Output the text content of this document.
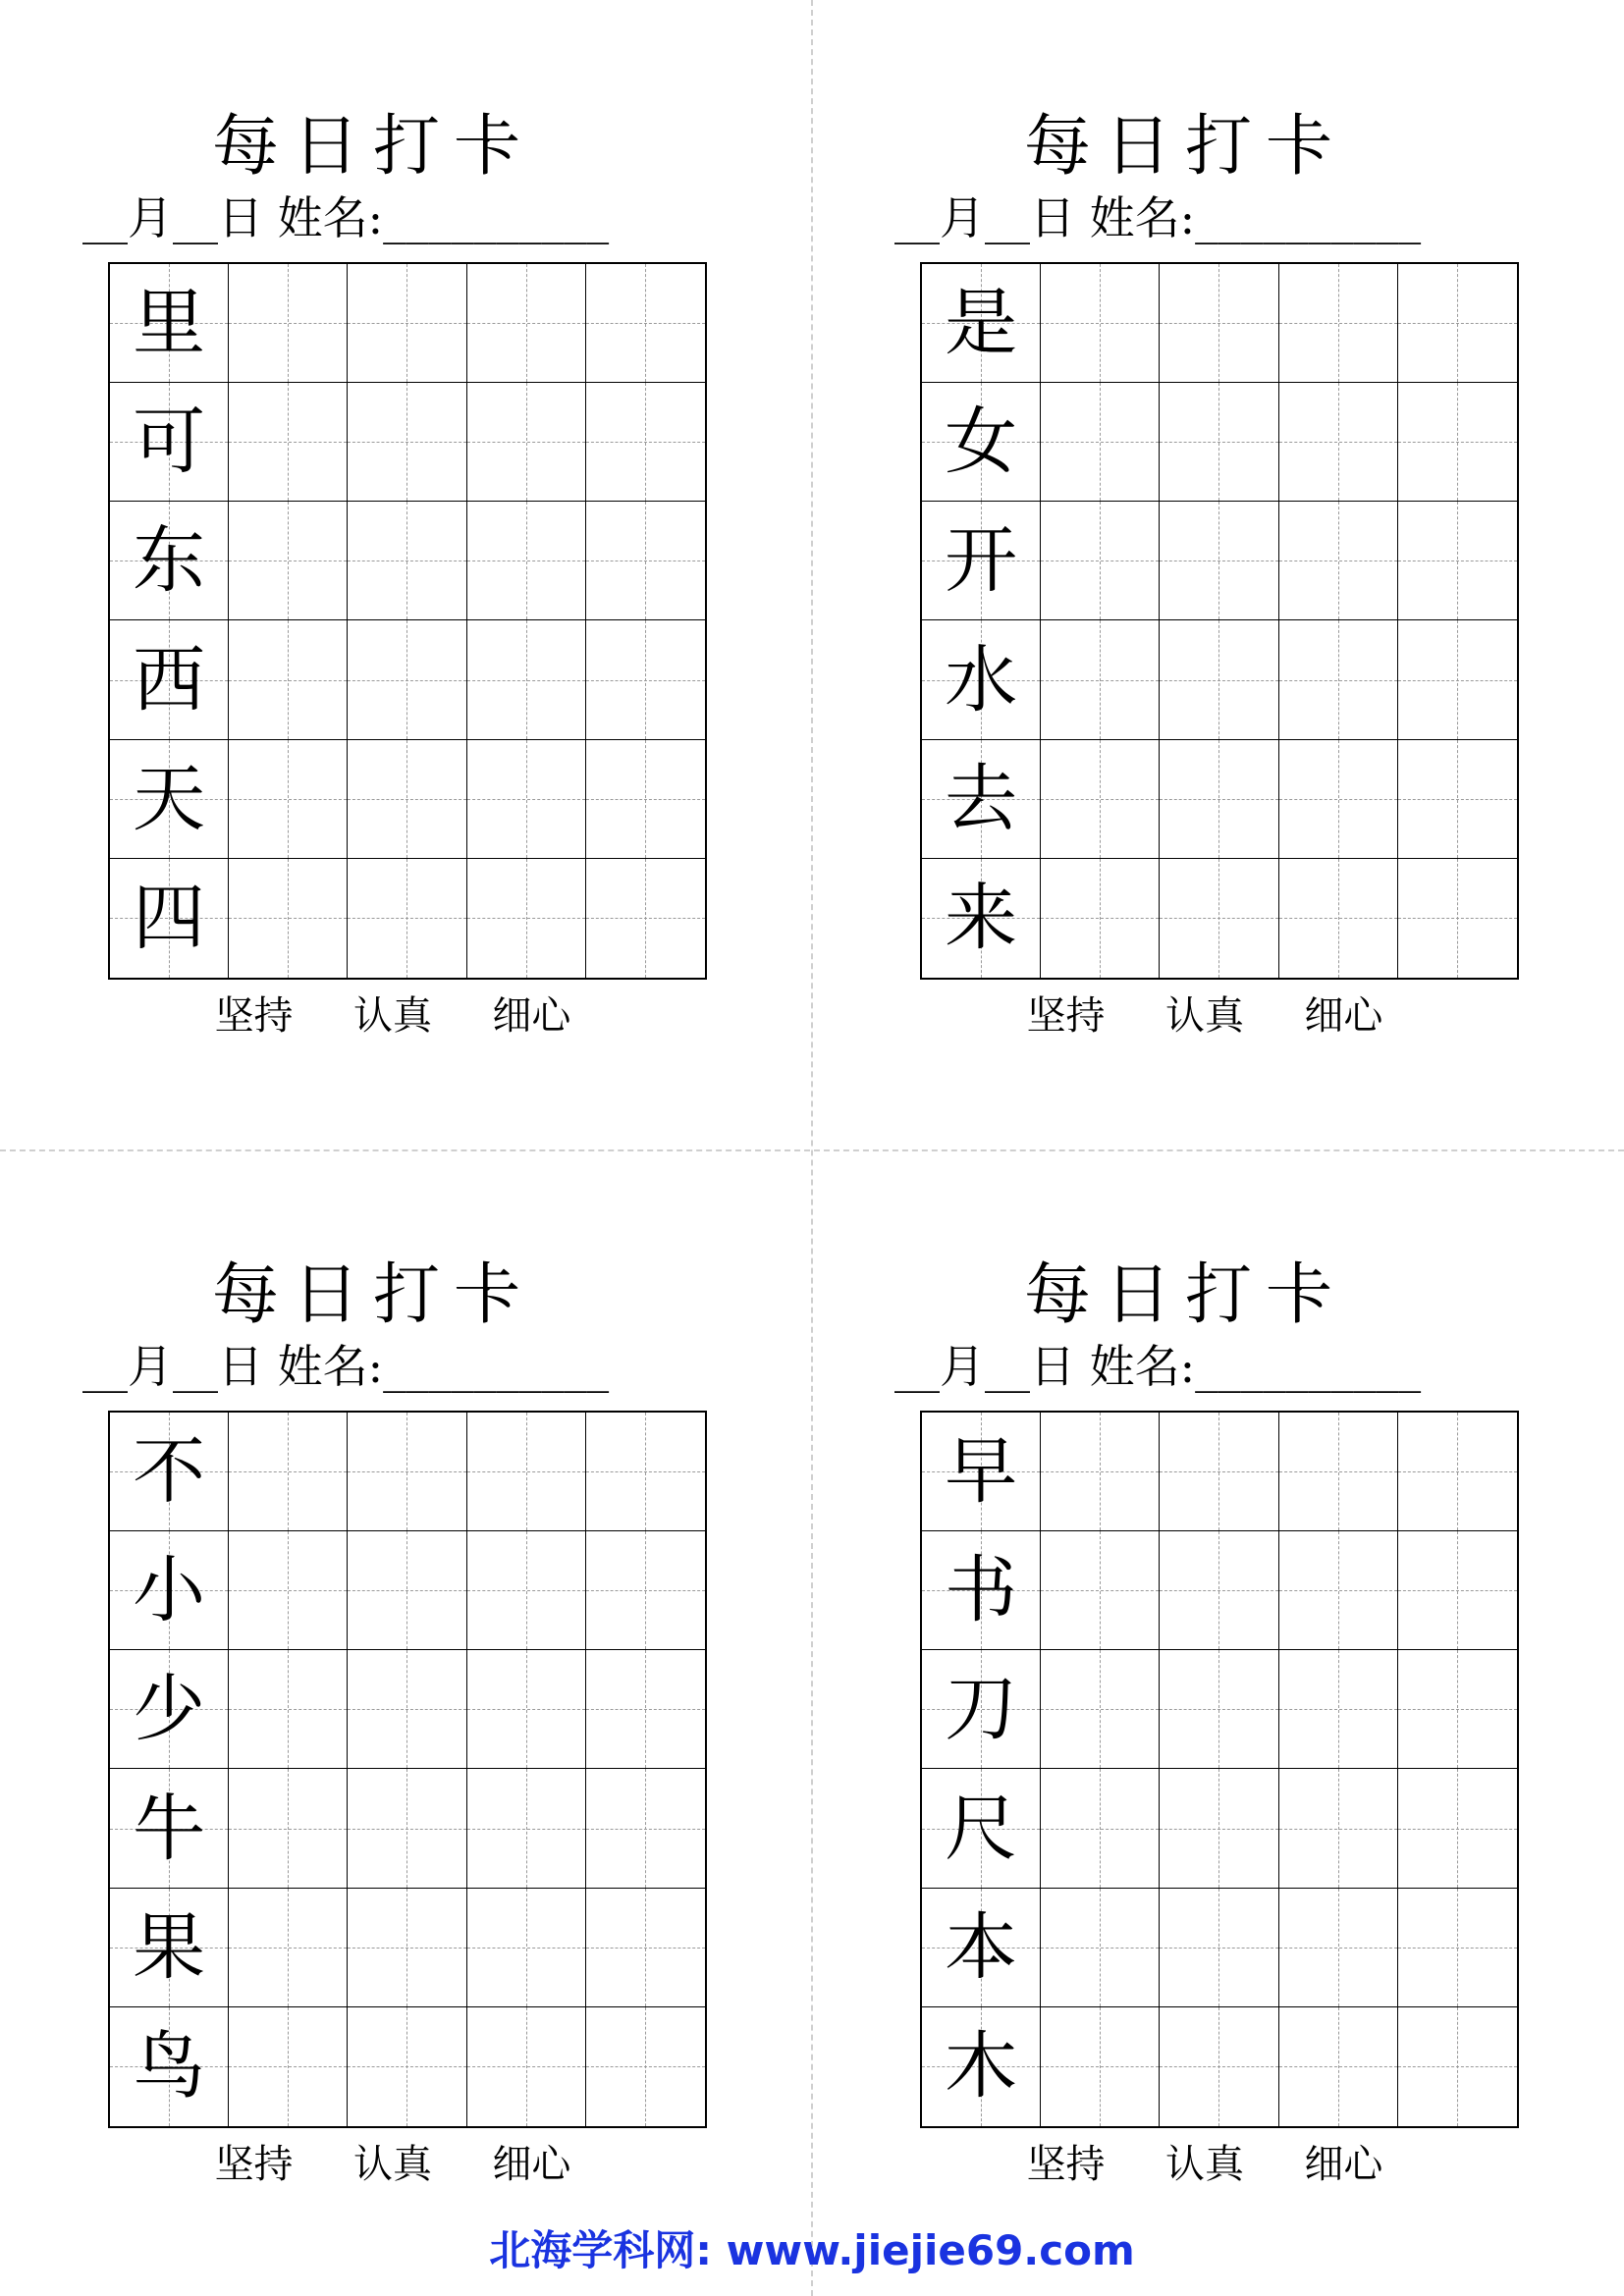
每日打卡
__月__日 姓名:__________
里
可
东
西
天
四
坚持  认真  细心
每日打卡
__月__日 姓名:__________
是
女
开
水
去
来
坚持  认真  细心
每日打卡
__月__日 姓名:__________
不
小
少
牛
果
鸟
坚持  认真  细心
每日打卡
__月__日 姓名:__________
早
书
刀
尺
本
木
坚持  认真  细心
北海学科网: www.jiejie69.com
